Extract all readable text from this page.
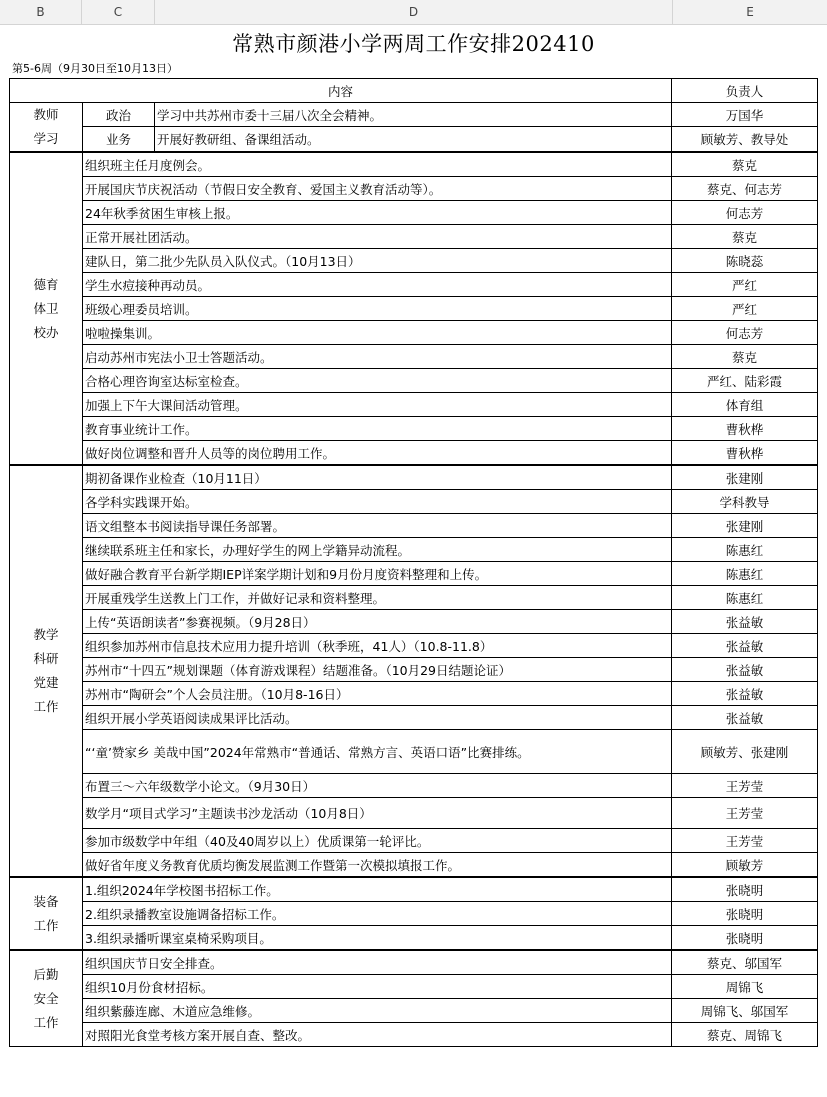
B	C	D	E
常熟市颜港小学两周工作安排202410
第5-6周（9月30日至10月13日）
内容			负责人
教师
学习	政治	学习中共苏州市委十三届八次全会精神。	万国华
	业务	开展好教研组、备课组活动。	顾敏芳、教导处
德育
体卫
校办	组织班主任月度例会。		蔡克
	开展国庆节庆祝活动（节假日安全教育、爱国主义教育活动等）。		蔡克、何志芳
	24年秋季贫困生审核上报。		何志芳
	正常开展社团活动。		蔡克
	建队日，第二批少先队员入队仪式。（10月13日）		陈晓蕊
	学生水痘接种再动员。		严红
	班级心理委员培训。		严红
	啦啦操集训。		何志芳
	启动苏州市宪法小卫士答题活动。		蔡克
	合格心理咨询室达标室检查。		严红、陆彩霞
	加强上下午大课间活动管理。		体育组
	教育事业统计工作。		曹秋桦
	做好岗位调整和晋升人员等的岗位聘用工作。		曹秋桦
教学
科研
党建
工作	期初备课作业检查（10月11日）		张建刚
	各学科实践课开始。		学科教导
	语文组整本书阅读指导课任务部署。		张建刚
	继续联系班主任和家长，办理好学生的网上学籍异动流程。		陈惠红
	做好融合教育平台新学期IEP详案学期计划和9月份月度资料整理和上传。		陈惠红
	开展重残学生送教上门工作，并做好记录和资料整理。		陈惠红
	上传“英语朗读者”参赛视频。（9月28日）		张益敏
	组织参加苏州市信息技术应用力提升培训（秋季班，41人）（10.8-11.8）		张益敏
	苏州市“十四五”规划课题（体育游戏课程）结题准备。（10月29日结题论证）		张益敏
	苏州市“陶研会”个人会员注册。（10月8-16日）		张益敏
	组织开展小学英语阅读成果评比活动。		张益敏
	“‘童’赞家乡 美哉中国”2024年常熟市“普通话、常熟方言、英语口语”比赛排练。		顾敏芳、张建刚
	布置三～六年级数学小论文。（9月30日）		王芳莹
	数学月“项目式学习”主题读书沙龙活动（10月8日）		王芳莹
	参加市级数学中年组（40及40周岁以上）优质课第一轮评比。		王芳莹
	做好省年度义务教育优质均衡发展监测工作暨第一次模拟填报工作。		顾敏芳
装备
工作	1.组织2024年学校图书招标工作。		张晓明
	2.组织录播教室设施调备招标工作。		张晓明
	3.组织录播听课室桌椅采购项目。		张晓明
后勤
安全
工作	组织国庆节日安全排查。		蔡克、邬国军
	组织10月份食材招标。		周锦飞
	组织紫藤连廊、木道应急维修。		周锦飞、邬国军
	对照阳光食堂考核方案开展自查、整改。		蔡克、周锦飞
